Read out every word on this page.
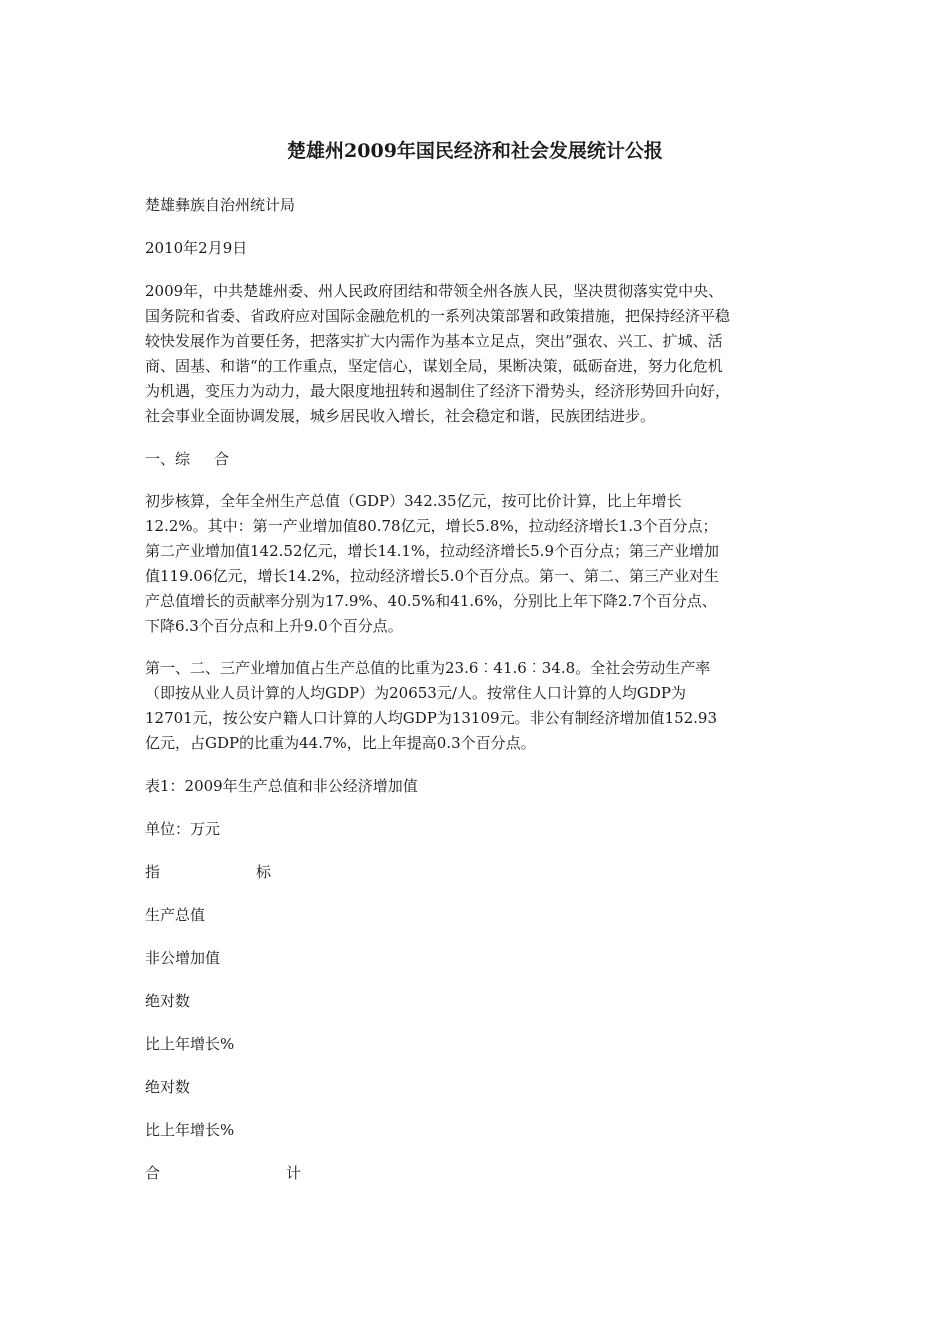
楚雄州2009年国民经济和社会发展统计公报

楚雄彝族自治州统计局

2010年2月9日

2009年，中共楚雄州委、州人民政府团结和带领全州各族人民，坚决贯彻落实党中央、
国务院和省委、省政府应对国际金融危机的一系列决策部署和政策措施，把保持经济平稳
较快发展作为首要任务，把落实扩大内需作为基本立足点，突出”强农、兴工、扩城、活
商、固基、和谐“的工作重点，坚定信心，谋划全局，果断决策，砥砺奋进，努力化危机
为机遇，变压力为动力，最大限度地扭转和遏制住了经济下滑势头，经济形势回升向好，
社会事业全面协调发展，城乡居民收入增长，社会稳定和谐，民族团结进步。

一、综 合

初步核算，全年全州生产总值（GDP）342.35亿元，按可比价计算，比上年增长
12.2%。其中：第一产业增加值80.78亿元，增长5.8%，拉动经济增长1.3个百分点；
第二产业增加值142.52亿元，增长14.1%，拉动经济增长5.9个百分点；第三产业增加
值119.06亿元，增长14.2%，拉动经济增长5.0个百分点。第一、第二、第三产业对生
产总值增长的贡献率分别为17.9%、40.5%和41.6%，分别比上年下降2.7个百分点、
下降6.3个百分点和上升9.0个百分点。

第一、二、三产业增加值占生产总值的比重为23.6︰41.6︰34.8。全社会劳动生产率
（即按从业人员计算的人均GDP）为20653元/人。按常住人口计算的人均GDP为
12701元，按公安户籍人口计算的人均GDP为13109元。非公有制经济增加值152.93
亿元，占GDP的比重为44.7%，比上年提高0.3个百分点。

表1：2009年生产总值和非公经济增加值

单位：万元

指	标

生产总值

非公增加值

绝对数

比上年增长%

绝对数

比上年增长%

合	计
